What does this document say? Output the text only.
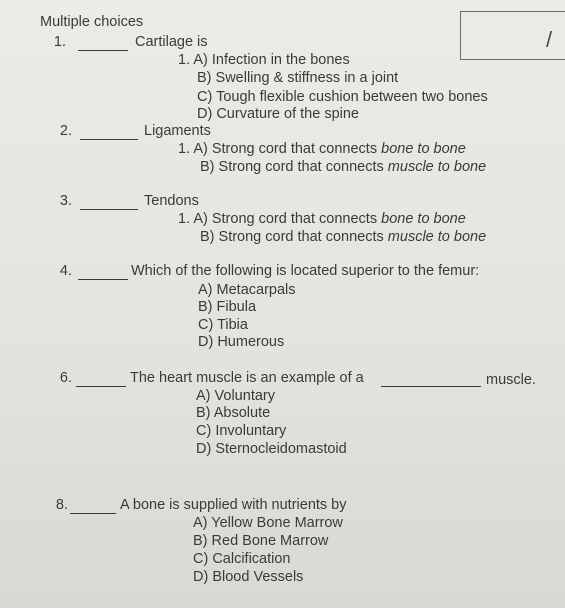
Multiple choices
/
1.	Cartilage is
1. A) Infection in the bones
B) Swelling & stiffness in a joint
C) Tough flexible cushion between two bones
D) Curvature of the spine
2.	Ligaments
1. A) Strong cord that connects bone to bone
B) Strong cord that connects muscle to bone
3.	Tendons
1. A) Strong cord that connects bone to bone
B) Strong cord that connects muscle to bone
4.	Which of the following is located superior to the femur:
A) Metacarpals
B) Fibula
C) Tibia
D) Humerous
6.	The heart muscle is an example of a	muscle.
A) Voluntary
B) Absolute
C) Involuntary
D) Sternocleidomastoid
8.	A bone is supplied with nutrients by
A) Yellow Bone Marrow
B) Red Bone Marrow
C) Calcification
D) Blood Vessels
